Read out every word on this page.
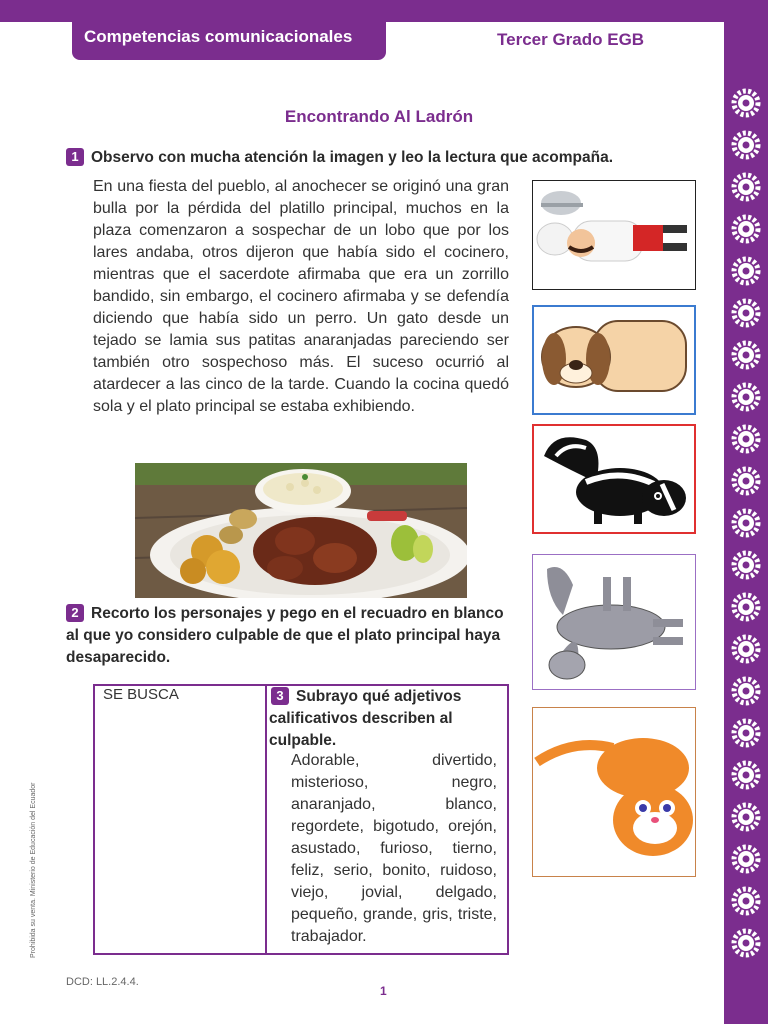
Competencias comunicacionales	Tercer Grado EGB
Encontrando Al Ladrón
1 Observo con mucha atención la imagen y leo la lectura que acompaña.
En una fiesta del pueblo, al anochecer se originó una gran bulla por la pérdida del platillo principal, muchos en la plaza comenzaron a sospechar de un lobo que por los lares andaba, otros dijeron que había sido el cocinero, mientras que el sacerdote afirmaba que era un zorrillo bandido, sin embargo, el cocinero afirmaba y se defendía diciendo que había sido un perro. Un gato desde un tejado se lamia sus patitas anaranjadas pareciendo ser también otro sospechoso más. El suceso ocurrió al atardecer a las cinco de la tarde. Cuando la cocina quedó sola y el plato principal se estaba exhibiendo.
2 Recorto los personajes y pego en el recuadro en blanco al que yo considero culpable de que el plato principal haya desaparecido.
SE BUSCA	3 Subrayo qué adjetivos calificativos describen al culpable.
Adorable, divertido, misterioso, negro, anaranjado, blanco, regordete, bigotudo, orejón, asustado, furioso, tierno, feliz, serio, bonito, ruidoso, viejo, jovial, delgado, pequeño, grande, gris, triste, trabajador.
Prohibida su venta. Ministerio de Educación del Ecuador
DCD: LL.2.4.4.
1
